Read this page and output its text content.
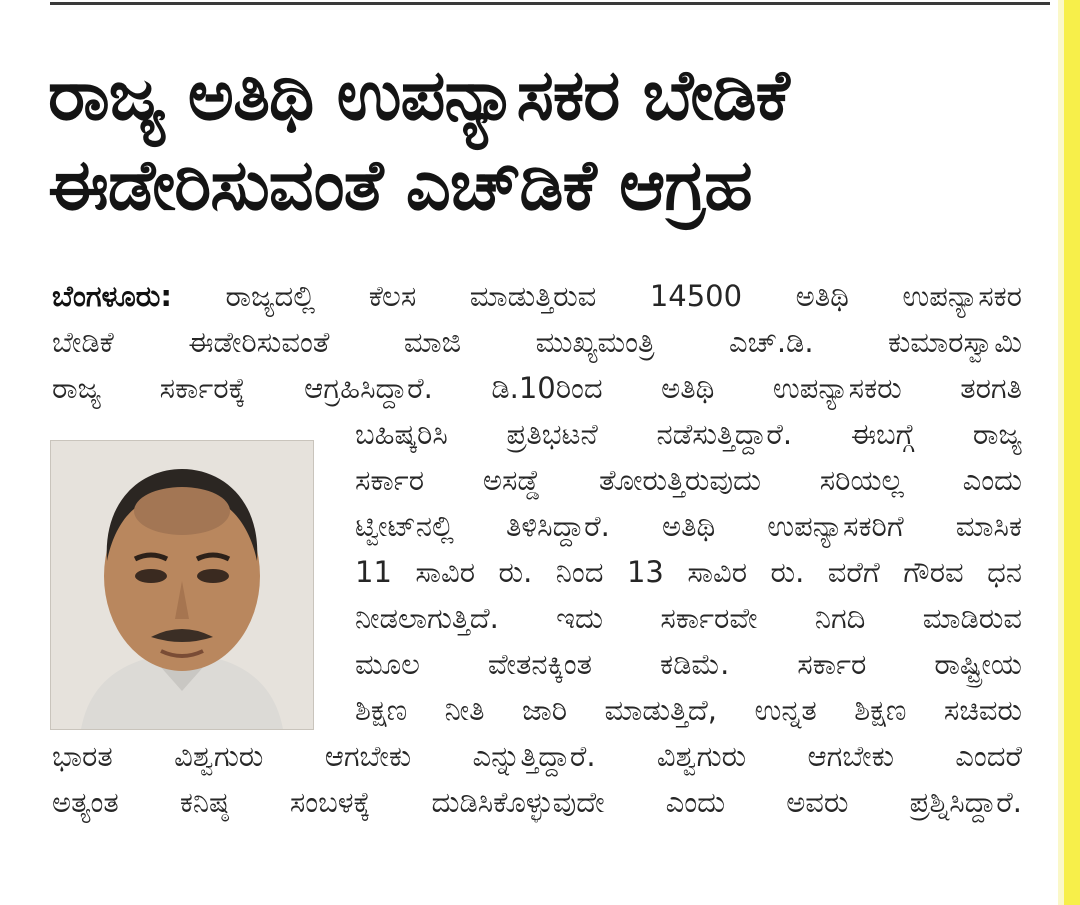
ರಾಜ್ಯ ಅತಿಥಿ ಉಪನ್ಯಾಸಕರ ಬೇಡಿಕೆ
ಈಡೇರಿಸುವಂತೆ ಎಚ್‌ಡಿಕೆ ಆಗ್ರಹ
ಬೆಂಗಳೂರು: ರಾಜ್ಯದಲ್ಲಿ ಕೆಲಸ ಮಾಡುತ್ತಿರುವ 14500 ಅತಿಥಿ ಉಪನ್ಯಾಸಕರ
ಬೇಡಿಕೆ ಈಡೇರಿಸುವಂತೆ ಮಾಜಿ ಮುಖ್ಯಮಂತ್ರಿ ಎಚ್.ಡಿ. ಕುಮಾರಸ್ವಾಮಿ
ರಾಜ್ಯ ಸರ್ಕಾರಕ್ಕೆ ಆಗ್ರಹಿಸಿದ್ದಾರೆ. ಡಿ.10ರಿಂದ ಅತಿಥಿ ಉಪನ್ಯಾಸಕರು ತರಗತಿ
ಬಹಿಷ್ಕರಿಸಿ ಪ್ರತಿಭಟನೆ ನಡೆಸುತ್ತಿದ್ದಾರೆ. ಈಬಗ್ಗೆ ರಾಜ್ಯ
ಸರ್ಕಾರ ಅಸಡ್ಡೆ ತೋರುತ್ತಿರುವುದು ಸರಿಯಲ್ಲ ಎಂದು
ಟ್ವೀಟ್‌ನಲ್ಲಿ ತಿಳಿಸಿದ್ದಾರೆ. ಅತಿಥಿ ಉಪನ್ಯಾಸಕರಿಗೆ ಮಾಸಿಕ
11 ಸಾವಿರ ರು. ನಿಂದ 13 ಸಾವಿರ ರು. ವರೆಗೆ ಗೌರವ ಧನ
ನೀಡಲಾಗುತ್ತಿದೆ. ಇದು ಸರ್ಕಾರವೇ ನಿಗದಿ ಮಾಡಿರುವ
ಮೂಲ ವೇತನಕ್ಕಿಂತ ಕಡಿಮೆ. ಸರ್ಕಾರ ರಾಷ್ಟ್ರೀಯ
ಶಿಕ್ಷಣ ನೀತಿ ಜಾರಿ ಮಾಡುತ್ತಿದೆ, ಉನ್ನತ ಶಿಕ್ಷಣ ಸಚಿವರು
ಭಾರತ ವಿಶ್ವಗುರು ಆಗಬೇಕು ಎನ್ನುತ್ತಿದ್ದಾರೆ. ವಿಶ್ವಗುರು ಆಗಬೇಕು ಎಂದರೆ
ಅತ್ಯಂತ ಕನಿಷ್ಠ ಸಂಬಳಕ್ಕೆ ದುಡಿಸಿಕೊಳ್ಳುವುದೇ ಎಂದು ಅವರು ಪ್ರಶ್ನಿಸಿದ್ದಾರೆ.
